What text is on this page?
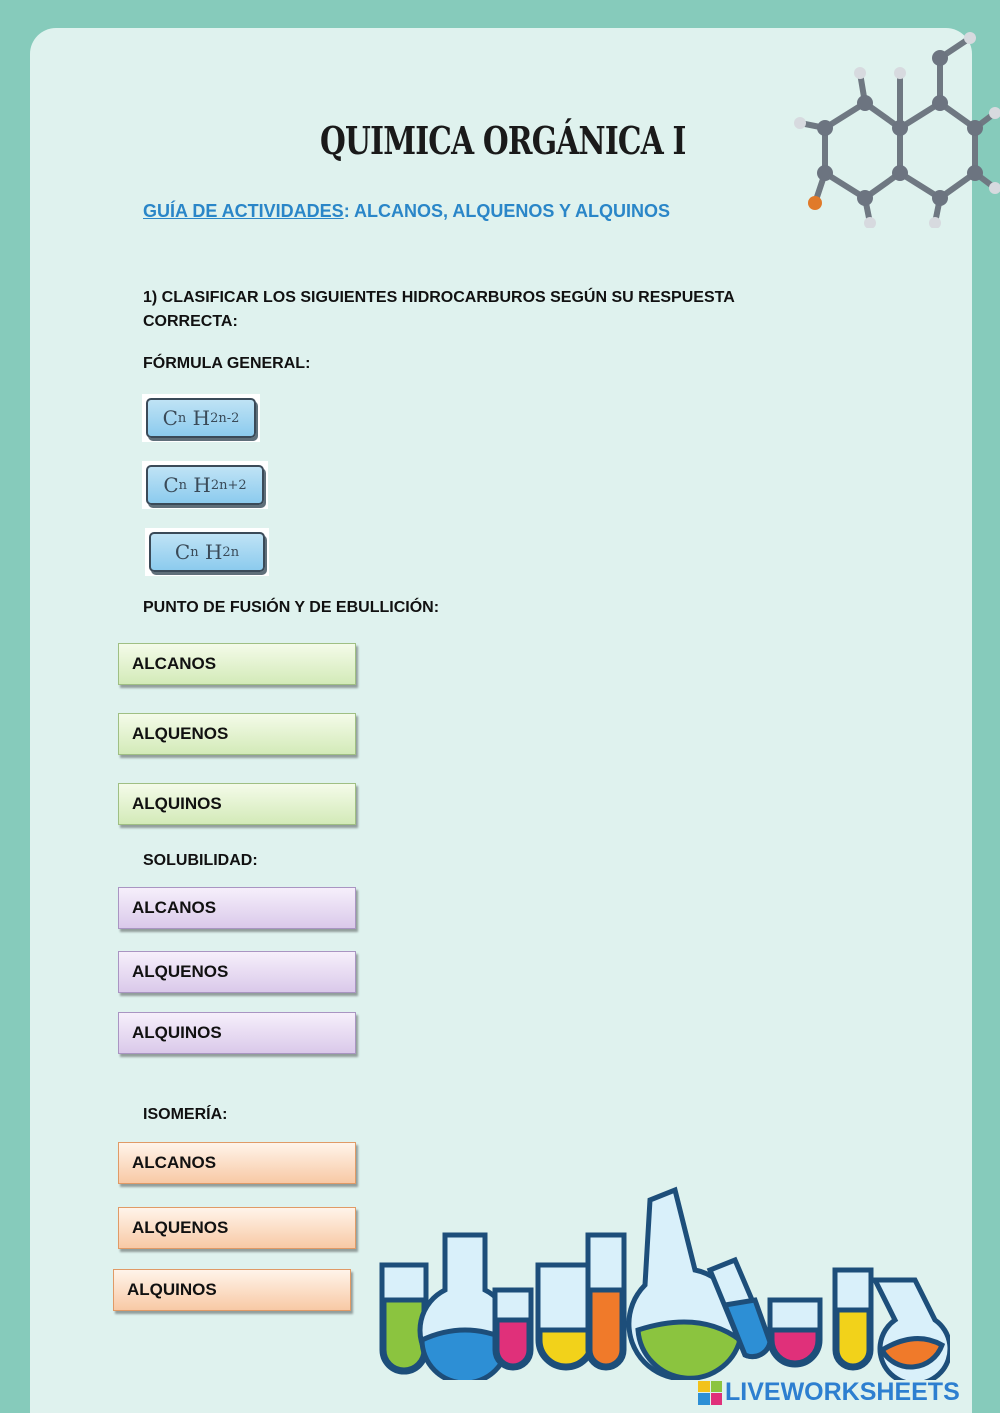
QUIMICA ORGÁNICA I
GUÍA DE ACTIVIDADES: ALCANOS, ALQUENOS Y ALQUINOS
1) CLASIFICAR LOS SIGUIENTES HIDROCARBUROS SEGÚN SU RESPUESTA
CORRECTA:
FÓRMULA GENERAL:
C n
H 2n-2
C n
H 2n+2
C n
H 2n
PUNTO DE FUSIÓN Y DE EBULLICIÓN:
ALCANOS
ALQUENOS
ALQUINOS
SOLUBILIDAD:
ALCANOS
ALQUENOS
ALQUINOS
ISOMERÍA:
ALCANOS
ALQUENOS
ALQUINOS
LIVEWORKSHEETS
